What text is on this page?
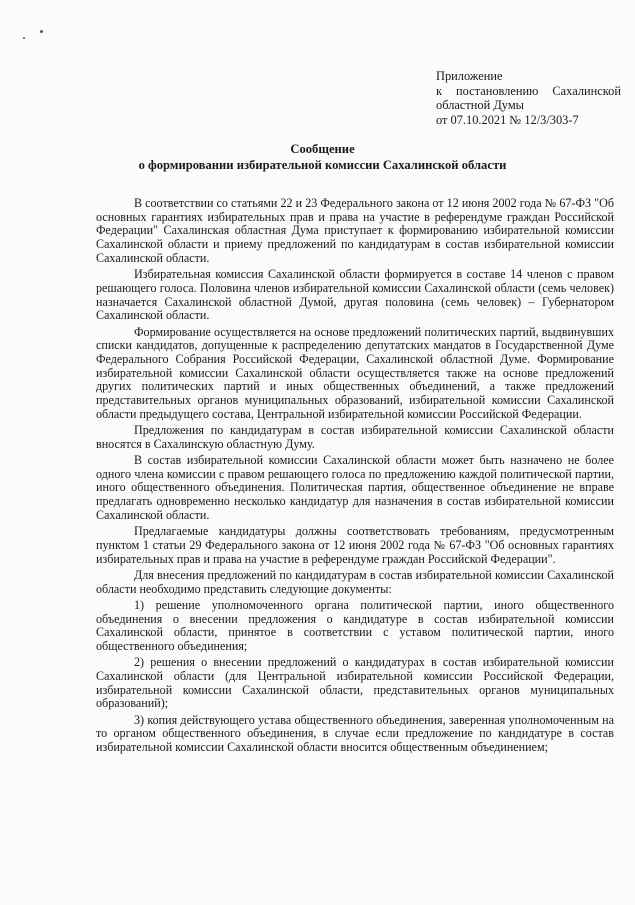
Приложение
к постановлению Сахалинской
областной Думы
от 07.10.2021 № 12/3/303-7
Сообщение
о формировании избирательной комиссии Сахалинской области

В соответствии со статьями 22 и 23 Федерального закона от 12 июня 2002 года № 67-ФЗ "Об основных гарантиях избирательных прав и права на участие в референдуме граждан Российской Федерации" Сахалинская областная Дума приступает к формированию избирательной комиссии Сахалинской области и приему предложений по кандидатурам в состав избирательной комиссии Сахалинской области.

Избирательная комиссия Сахалинской области формируется в составе 14 членов с правом решающего голоса. Половина членов избирательной комиссии Сахалинской области (семь человек) назначается Сахалинской областной Думой, другая половина (семь человек) – Губернатором Сахалинской области.

Формирование осуществляется на основе предложений политических партий, выдвинувших списки кандидатов, допущенные к распределению депутатских мандатов в Государственной Думе Федерального Собрания Российской Федерации, Сахалинской областной Думе. Формирование избирательной комиссии Сахалинской области осуществляется также на основе предложений других политических партий и иных общественных объединений, а также предложений представительных органов муниципальных образований, избирательной комиссии Сахалинской области предыдущего состава, Центральной избирательной комиссии Российской Федерации.

Предложения по кандидатурам в состав избирательной комиссии Сахалинской области вносятся в Сахалинскую областную Думу.

В состав избирательной комиссии Сахалинской области может быть назначено не более одного члена комиссии с правом решающего голоса по предложению каждой политической партии, иного общественного объединения. Политическая партия, общественное объединение не вправе предлагать одновременно несколько кандидатур для назначения в состав избирательной комиссии Сахалинской области.

Предлагаемые кандидатуры должны соответствовать требованиям, предусмотренным пунктом 1 статьи 29 Федерального закона от 12 июня 2002 года № 67-ФЗ "Об основных гарантиях избирательных прав и права на участие в референдуме граждан Российской Федерации".

Для внесения предложений по кандидатурам в состав избирательной комиссии Сахалинской области необходимо представить следующие документы:

1) решение уполномоченного органа политической партии, иного общественного объединения о внесении предложения о кандидатуре в состав избирательной комиссии Сахалинской области, принятое в соответствии с уставом политической партии, иного общественного объединения;

2) решения о внесении предложений о кандидатурах в состав избирательной комиссии Сахалинской области (для Центральной избирательной комиссии Российской Федерации, избирательной комиссии Сахалинской области, представительных органов муниципальных образований);

3) копия действующего устава общественного объединения, заверенная уполномоченным на то органом общественного объединения, в случае если предложение по кандидатуре в состав избирательной комиссии Сахалинской области вносится общественным объединением;
